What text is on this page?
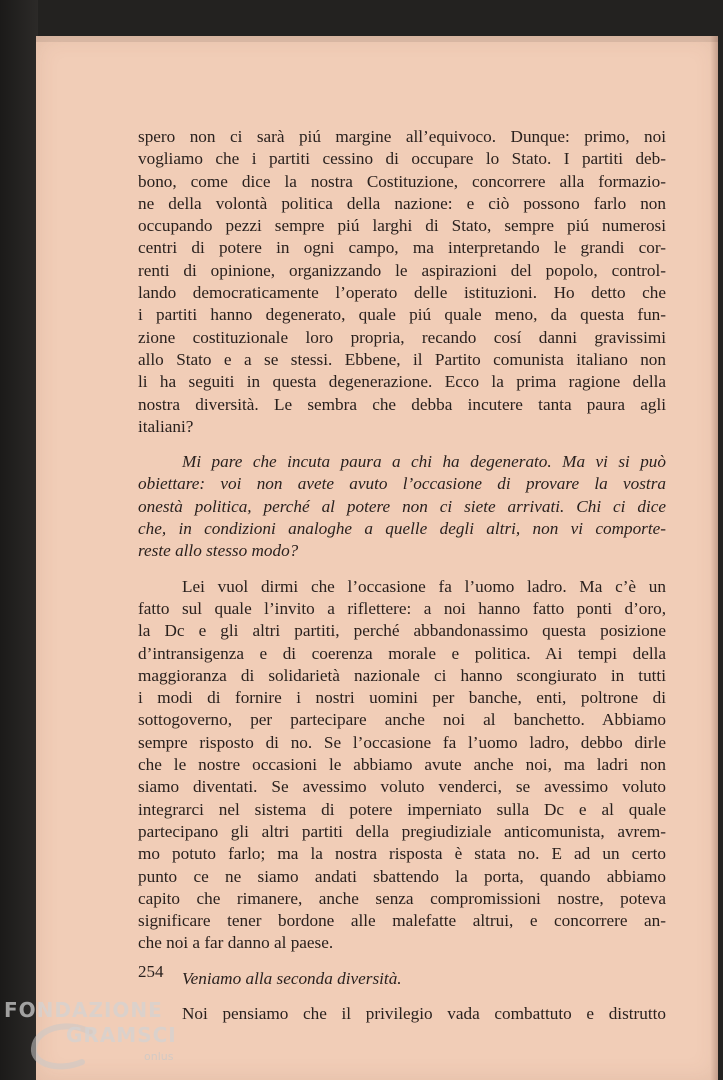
spero non ci sarà piú margine all’equivoco. Dunque: primo, noi
vogliamo che i partiti cessino di occupare lo Stato. I partiti deb-
bono, come dice la nostra Costituzione, concorrere alla formazio-
ne della volontà politica della nazione: e ciò possono farlo non
occupando pezzi sempre piú larghi di Stato, sempre piú numerosi
centri di potere in ogni campo, ma interpretando le grandi cor-
renti di opinione, organizzando le aspirazioni del popolo, control-
lando democraticamente l’operato delle istituzioni. Ho detto che
i partiti hanno degenerato, quale piú quale meno, da questa fun-
zione costituzionale loro propria, recando cosí danni gravissimi
allo Stato e a se stessi. Ebbene, il Partito comunista italiano non
li ha seguiti in questa degenerazione. Ecco la prima ragione della
nostra diversità. Le sembra che debba incutere tanta paura agli
italiani?

Mi pare che incuta paura a chi ha degenerato. Ma vi si può
obiettare: voi non avete avuto l’occasione di provare la vostra
onestà politica, perché al potere non ci siete arrivati. Chi ci dice
che, in condizioni analoghe a quelle degli altri, non vi comporte-
reste allo stesso modo?

Lei vuol dirmi che l’occasione fa l’uomo ladro. Ma c’è un
fatto sul quale l’invito a riflettere: a noi hanno fatto ponti d’oro,
la Dc e gli altri partiti, perché abbandonassimo questa posizione
d’intransigenza e di coerenza morale e politica. Ai tempi della
maggioranza di solidarietà nazionale ci hanno scongiurato in tutti
i modi di fornire i nostri uomini per banche, enti, poltrone di
sottogoverno, per partecipare anche noi al banchetto. Abbiamo
sempre risposto di no. Se l’occasione fa l’uomo ladro, debbo dirle
che le nostre occasioni le abbiamo avute anche noi, ma ladri non
siamo diventati. Se avessimo voluto venderci, se avessimo voluto
integrarci nel sistema di potere imperniato sulla Dc e al quale
partecipano gli altri partiti della pregiudiziale anticomunista, avrem-
mo potuto farlo; ma la nostra risposta è stata no. E ad un certo
punto ce ne siamo andati sbattendo la porta, quando abbiamo
capito che rimanere, anche senza compromissioni nostre, poteva
significare tener bordone alle malefatte altrui, e concorrere an-
che noi a far danno al paese.

Veniamo alla seconda diversità.

Noi pensiamo che il privilegio vada combattuto e distrutto

254
FONDAZIONE
GRAMSCI
onlus
